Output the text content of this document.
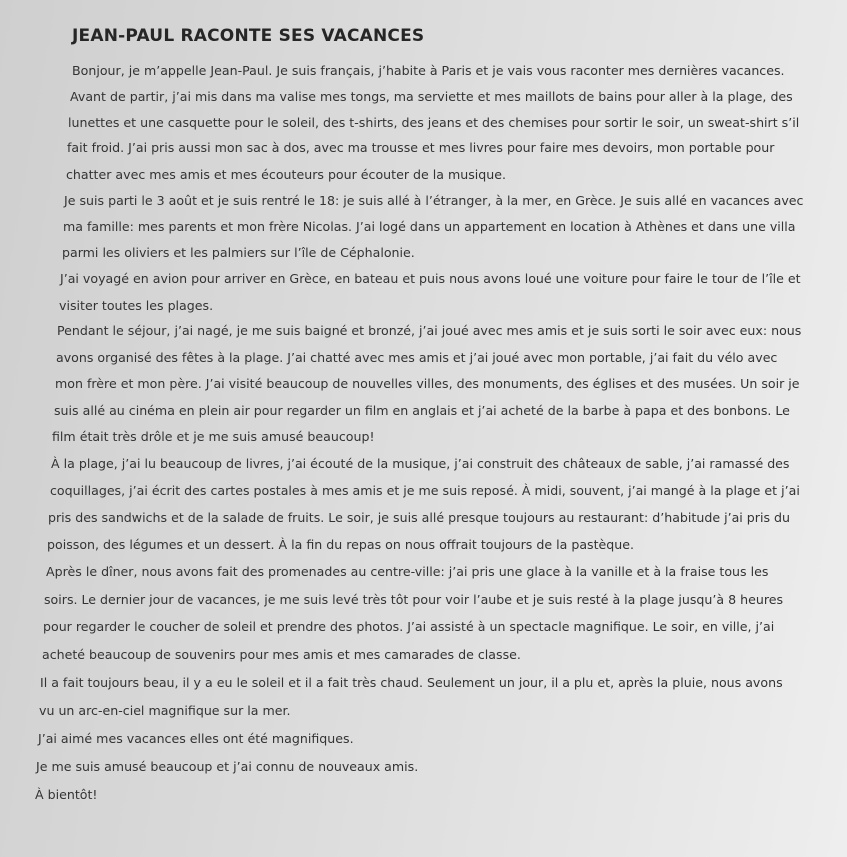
JEAN-PAUL RACONTE SES VACANCES
Bonjour, je m’appelle Jean-Paul. Je suis français, j’habite à Paris et je vais vous raconter mes dernières vacances.
Avant de partir, j’ai mis dans ma valise mes tongs, ma serviette et mes maillots de bains pour aller à la plage, des
lunettes et une casquette pour le soleil, des t-shirts, des jeans et des chemises pour sortir le soir, un sweat-shirt s’il
fait froid. J’ai pris aussi mon sac à dos, avec ma trousse et mes livres pour faire mes devoirs, mon portable pour
chatter avec mes amis et mes écouteurs pour écouter de la musique.
Je suis parti le 3 août et je suis rentré le 18: je suis allé à l’étranger, à la mer, en Grèce. Je suis allé en vacances avec
ma famille: mes parents et mon frère Nicolas. J’ai logé dans un appartement en location à Athènes et dans une villa
parmi les oliviers et les palmiers sur l’île de Céphalonie.
J’ai voyagé en avion pour arriver en Grèce, en bateau et puis nous avons loué une voiture pour faire le tour de l’île et
visiter toutes les plages.
Pendant le séjour, j’ai nagé, je me suis baigné et bronzé, j’ai joué avec mes amis et je suis sorti le soir avec eux: nous
avons organisé des fêtes à la plage. J’ai chatté avec mes amis et j’ai joué avec mon portable, j’ai fait du vélo avec
mon frère et mon père. J’ai visité beaucoup de nouvelles villes, des monuments, des églises et des musées. Un soir je
suis allé au cinéma en plein air pour regarder un film en anglais et j’ai acheté de la barbe à papa et des bonbons. Le
film était très drôle et je me suis amusé beaucoup!
À la plage, j’ai lu beaucoup de livres, j’ai écouté de la musique, j’ai construit des châteaux de sable, j’ai ramassé des
coquillages, j’ai écrit des cartes postales à mes amis et je me suis reposé. À midi, souvent, j’ai mangé à la plage et j’ai
pris des sandwichs et de la salade de fruits. Le soir, je suis allé presque toujours au restaurant: d’habitude j’ai pris du
poisson, des légumes et un dessert. À la fin du repas on nous offrait toujours de la pastèque.
Après le dîner, nous avons fait des promenades au centre-ville: j’ai pris une glace à la vanille et à la fraise tous les
soirs. Le dernier jour de vacances, je me suis levé très tôt pour voir l’aube et je suis resté à la plage jusqu’à 8 heures
pour regarder le coucher de soleil et prendre des photos. J’ai assisté à un spectacle magnifique. Le soir, en ville, j’ai
acheté beaucoup de souvenirs pour mes amis et mes camarades de classe.
Il a fait toujours beau, il y a eu le soleil et il a fait très chaud. Seulement un jour, il a plu et, après la pluie, nous avons
vu un arc-en-ciel magnifique sur la mer.
J’ai aimé mes vacances elles ont été magnifiques.
Je me suis amusé beaucoup et j’ai connu de nouveaux amis.
À bientôt!
